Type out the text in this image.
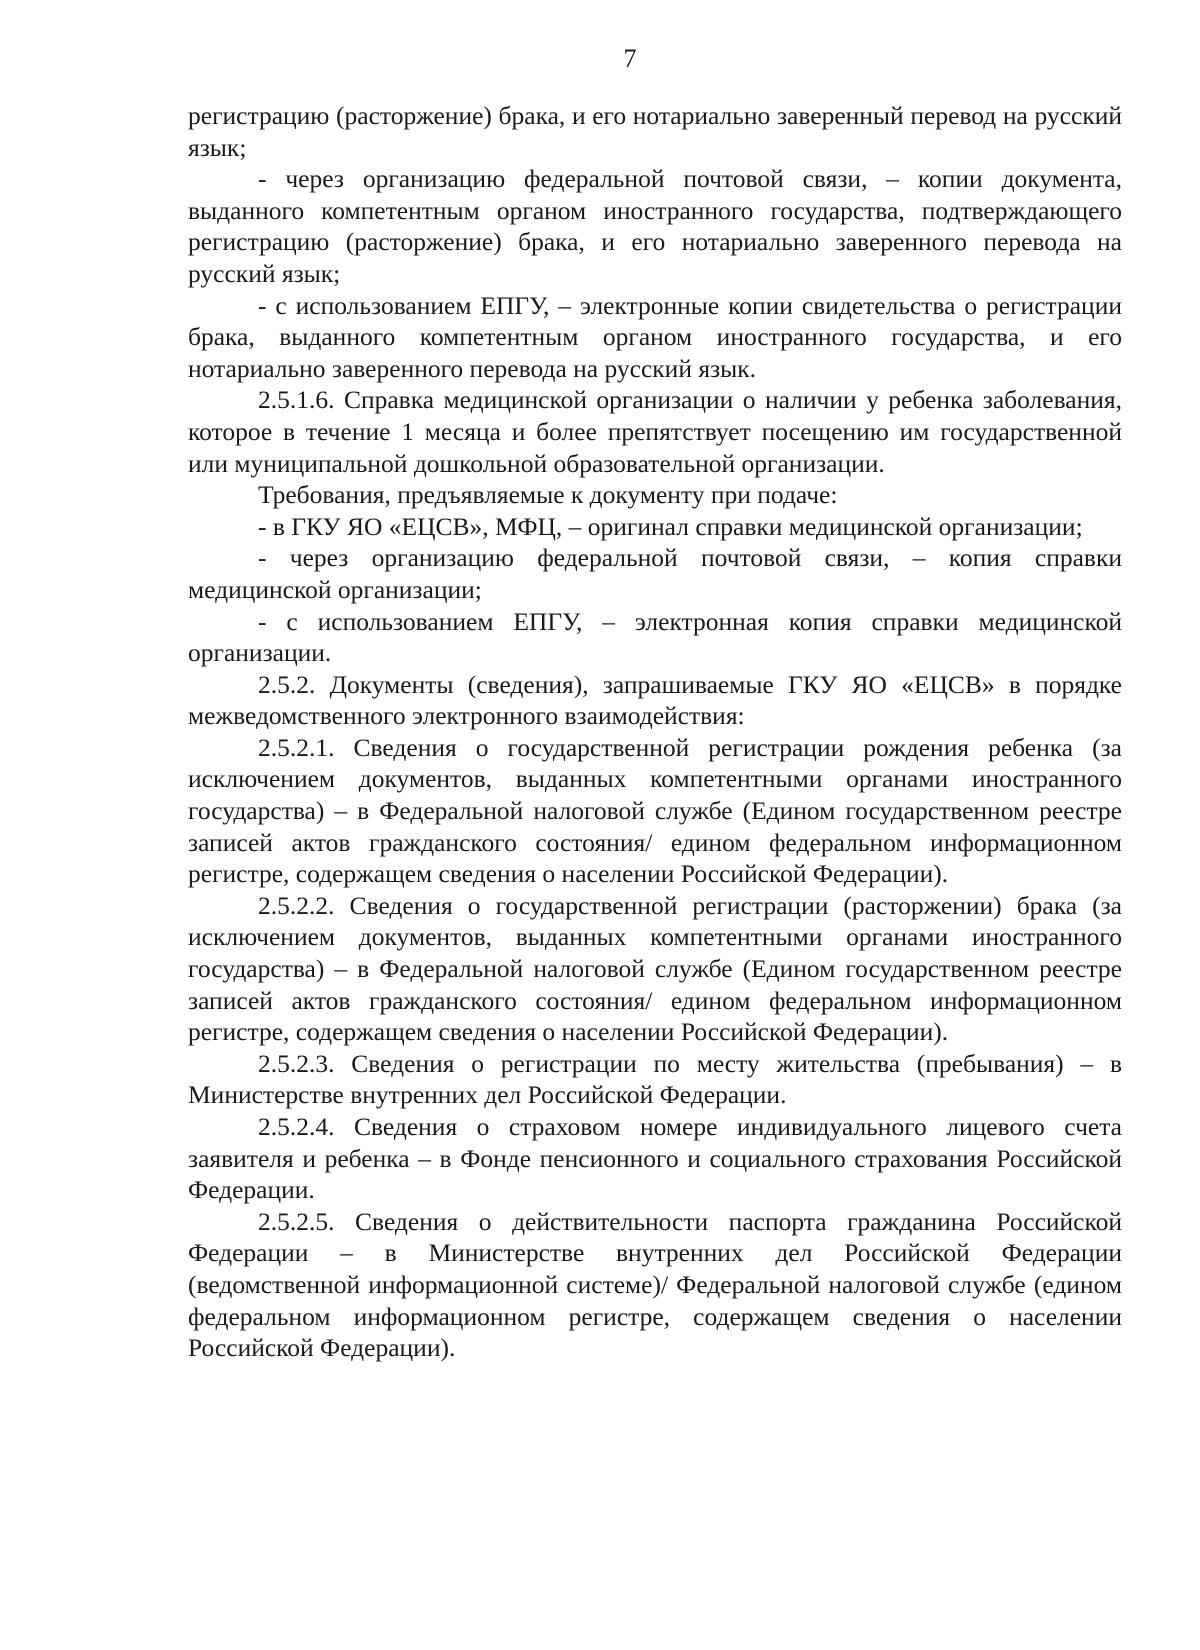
7

регистрацию (расторжение) брака, и его нотариально заверенный перевод на русский язык;

- через организацию федеральной почтовой связи, – копии документа, выданного компетентным органом иностранного государства, подтверждающего регистрацию (расторжение) брака, и его нотариально заверенного перевода на русский язык;

- с использованием ЕПГУ, – электронные копии свидетельства о регистрации брака, выданного компетентным органом иностранного государства, и его нотариально заверенного перевода на русский язык.

2.5.1.6. Справка медицинской организации о наличии у ребенка заболевания, которое в течение 1 месяца и более препятствует посещению им государственной или муниципальной дошкольной образовательной организации.

Требования, предъявляемые к документу при подаче:

- в ГКУ ЯО «ЕЦСВ», МФЦ, – оригинал справки медицинской организации;

- через организацию федеральной почтовой связи, – копия справки медицинской организации;

- с использованием ЕПГУ, – электронная копия справки медицинской организации.

2.5.2. Документы (сведения), запрашиваемые ГКУ ЯО «ЕЦСВ» в порядке межведомственного электронного взаимодействия:

2.5.2.1. Сведения о государственной регистрации рождения ребенка (за исключением документов, выданных компетентными органами иностранного государства) – в Федеральной налоговой службе (Едином государственном реестре записей актов гражданского состояния/ едином федеральном информационном регистре, содержащем сведения о населении Российской Федерации).

2.5.2.2. Сведения о государственной регистрации (расторжении) брака (за исключением документов, выданных компетентными органами иностранного государства) – в Федеральной налоговой службе (Едином государственном реестре записей актов гражданского состояния/ едином федеральном информационном регистре, содержащем сведения о населении Российской Федерации).

2.5.2.3. Сведения о регистрации по месту жительства (пребывания) – в Министерстве внутренних дел Российской Федерации.

2.5.2.4. Сведения о страховом номере индивидуального лицевого счета заявителя и ребенка – в Фонде пенсионного и социального страхования Российской Федерации.

2.5.2.5. Сведения о действительности паспорта гражданина Российской Федерации – в Министерстве внутренних дел Российской Федерации (ведомственной информационной системе)/ Федеральной налоговой службе (едином федеральном информационном регистре, содержащем сведения о населении Российской Федерации).
